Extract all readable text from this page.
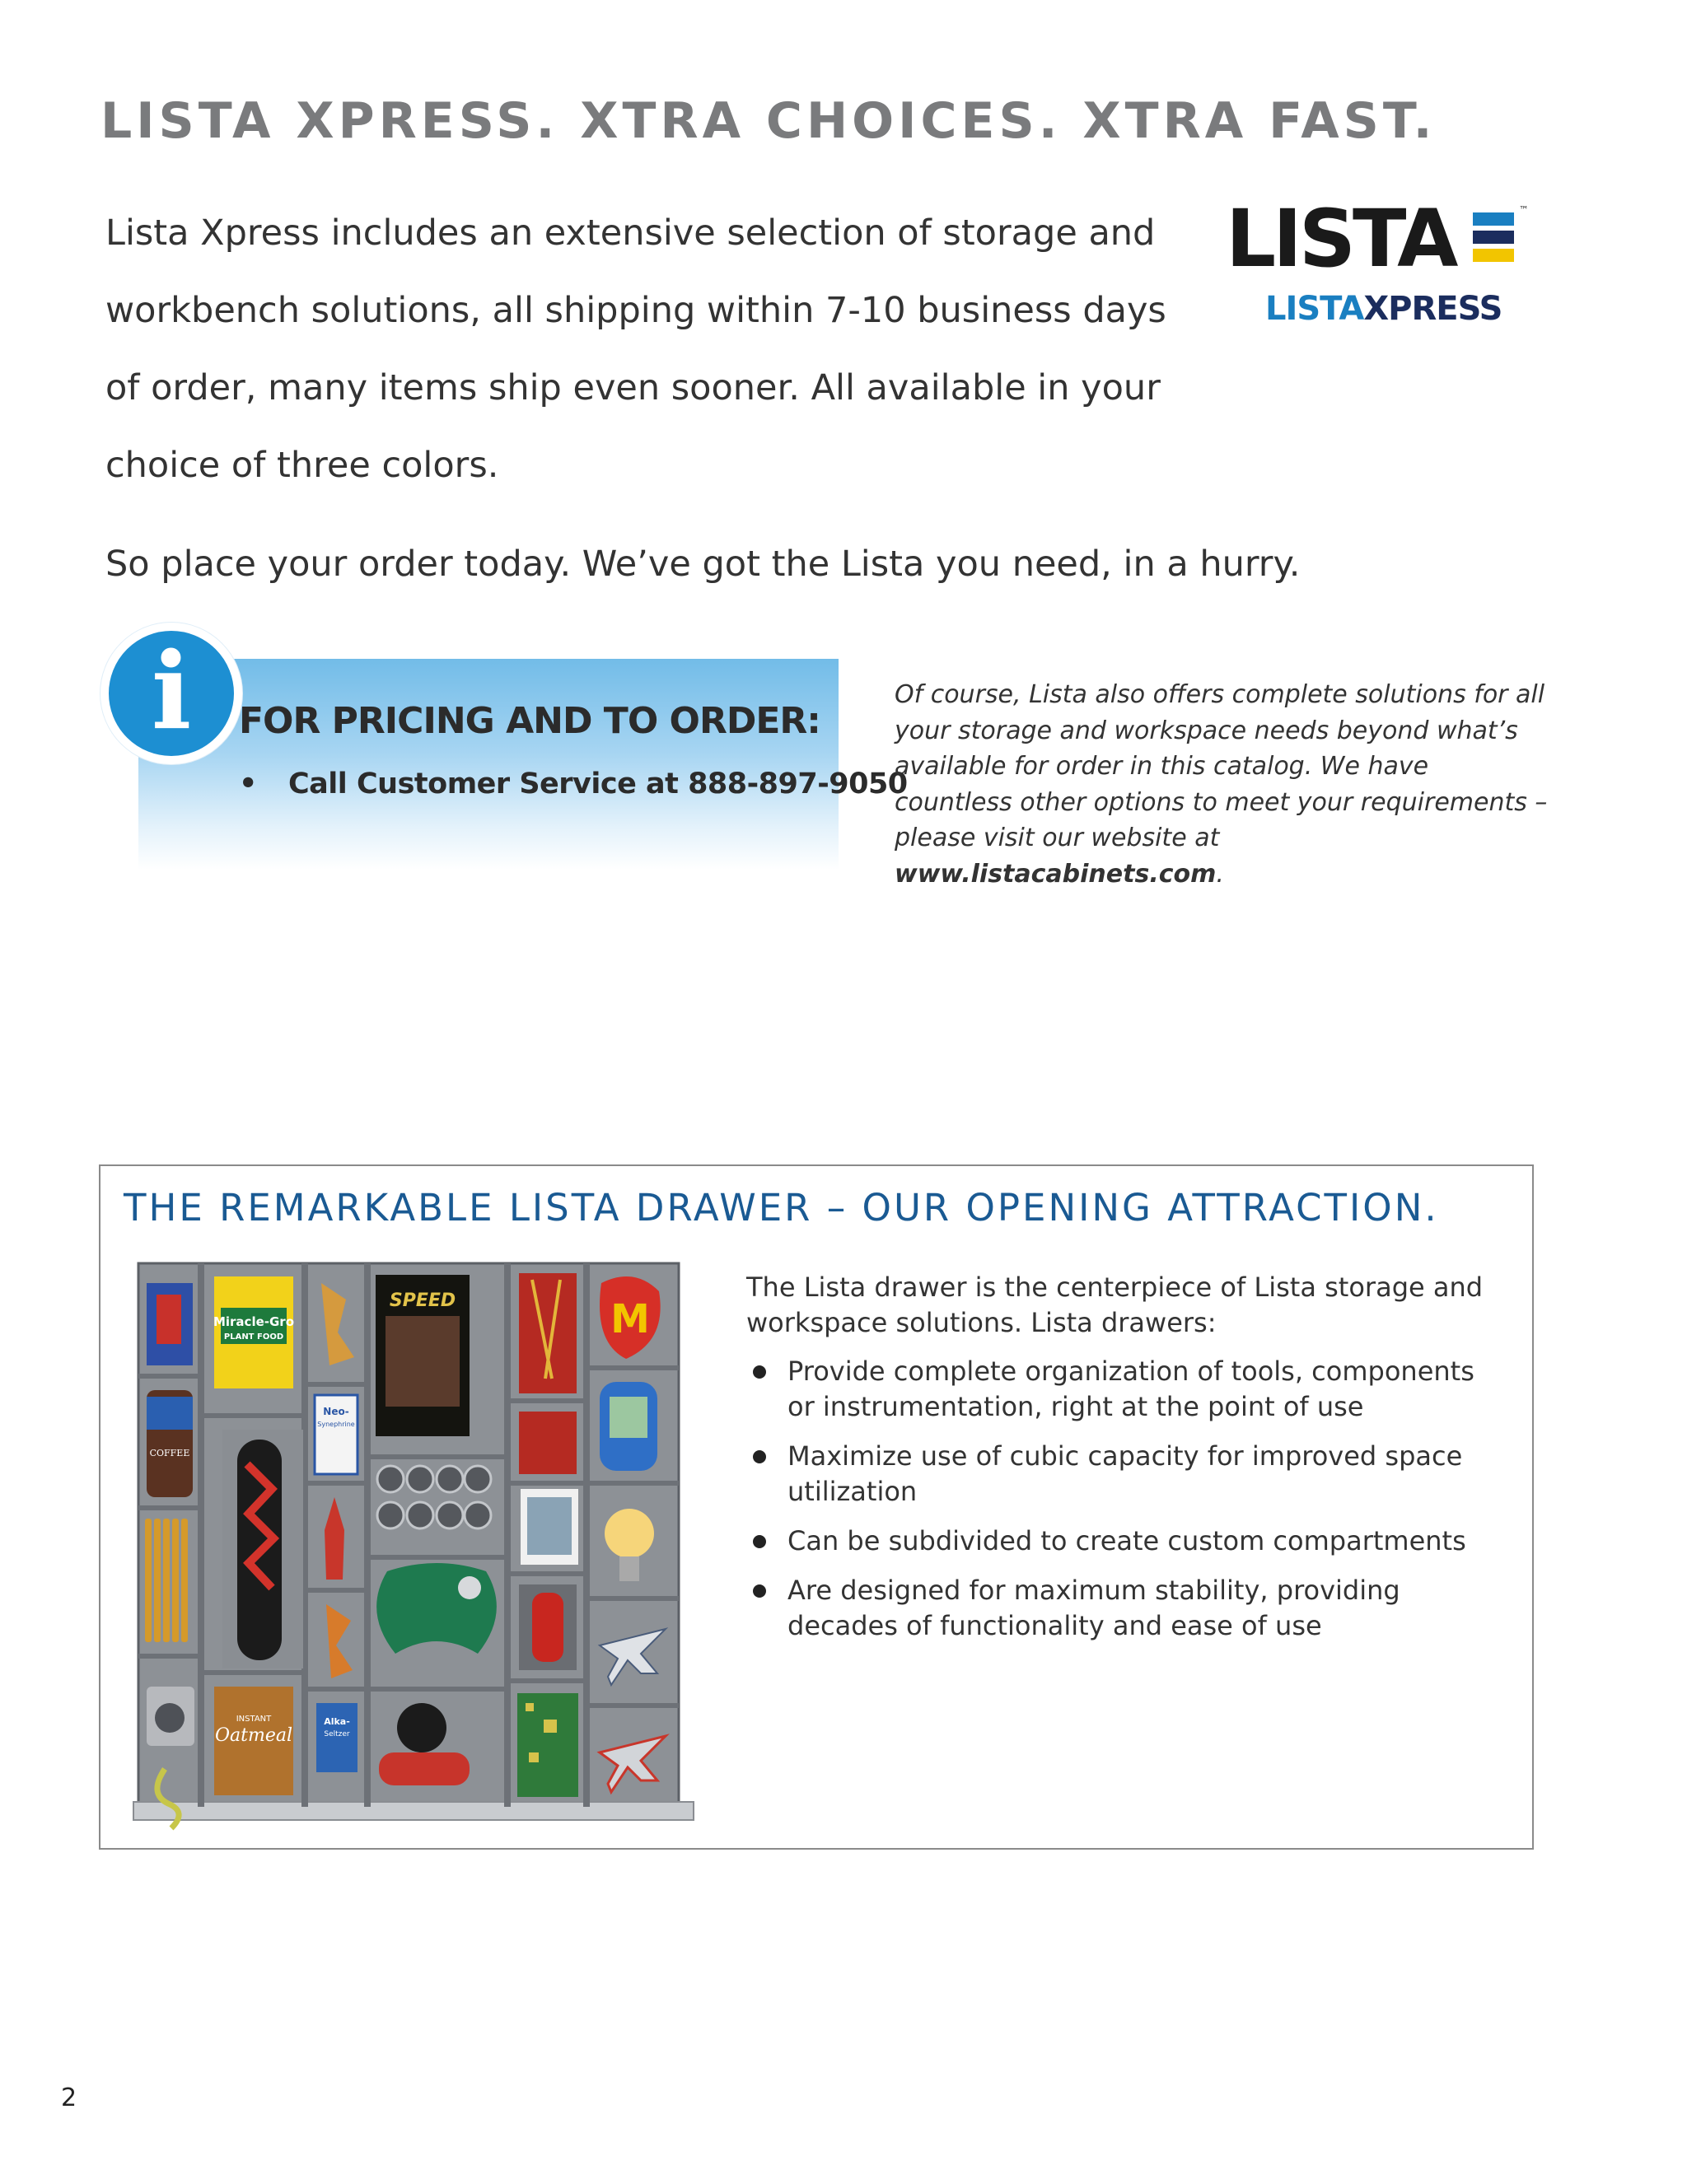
LISTA XPRESS. XTRA CHOICES. XTRA FAST.

Lista Xpress includes an extensive selection of storage and workbench solutions, all shipping within 7-10 business days of order, many items ship even sooner. All available in your choice of three colors.

So place your order today. We’ve got the Lista you need, in a hurry.

LISTA	™
LISTAXPRESS
i	FOR PRICING AND TO ORDER:

• Call Customer Service at 888-897-9050

Of course, Lista also offers complete solutions for all your storage and workspace needs beyond what’s available for order in this catalog. We have countless other options to meet your requirements – please visit our website at www.listacabinets.com.

THE REMARKABLE LISTA DRAWER – OUR OPENING ATTRACTION.
COFFEE
Miracle-Gro
PLANT FOOD
INSTANT
Oatmeal
Neo-
Synephrine
Alka-
Seltzer
SPEED	M

The Lista drawer is the centerpiece of Lista storage and workspace solutions. Lista drawers:

Provide complete organization of tools, components or instrumentation, right at the point of use
Maximize use of cubic capacity for improved space utilization
Can be subdivided to create custom compartments
Are designed for maximum stability, providing decades of functionality and ease of use
2
